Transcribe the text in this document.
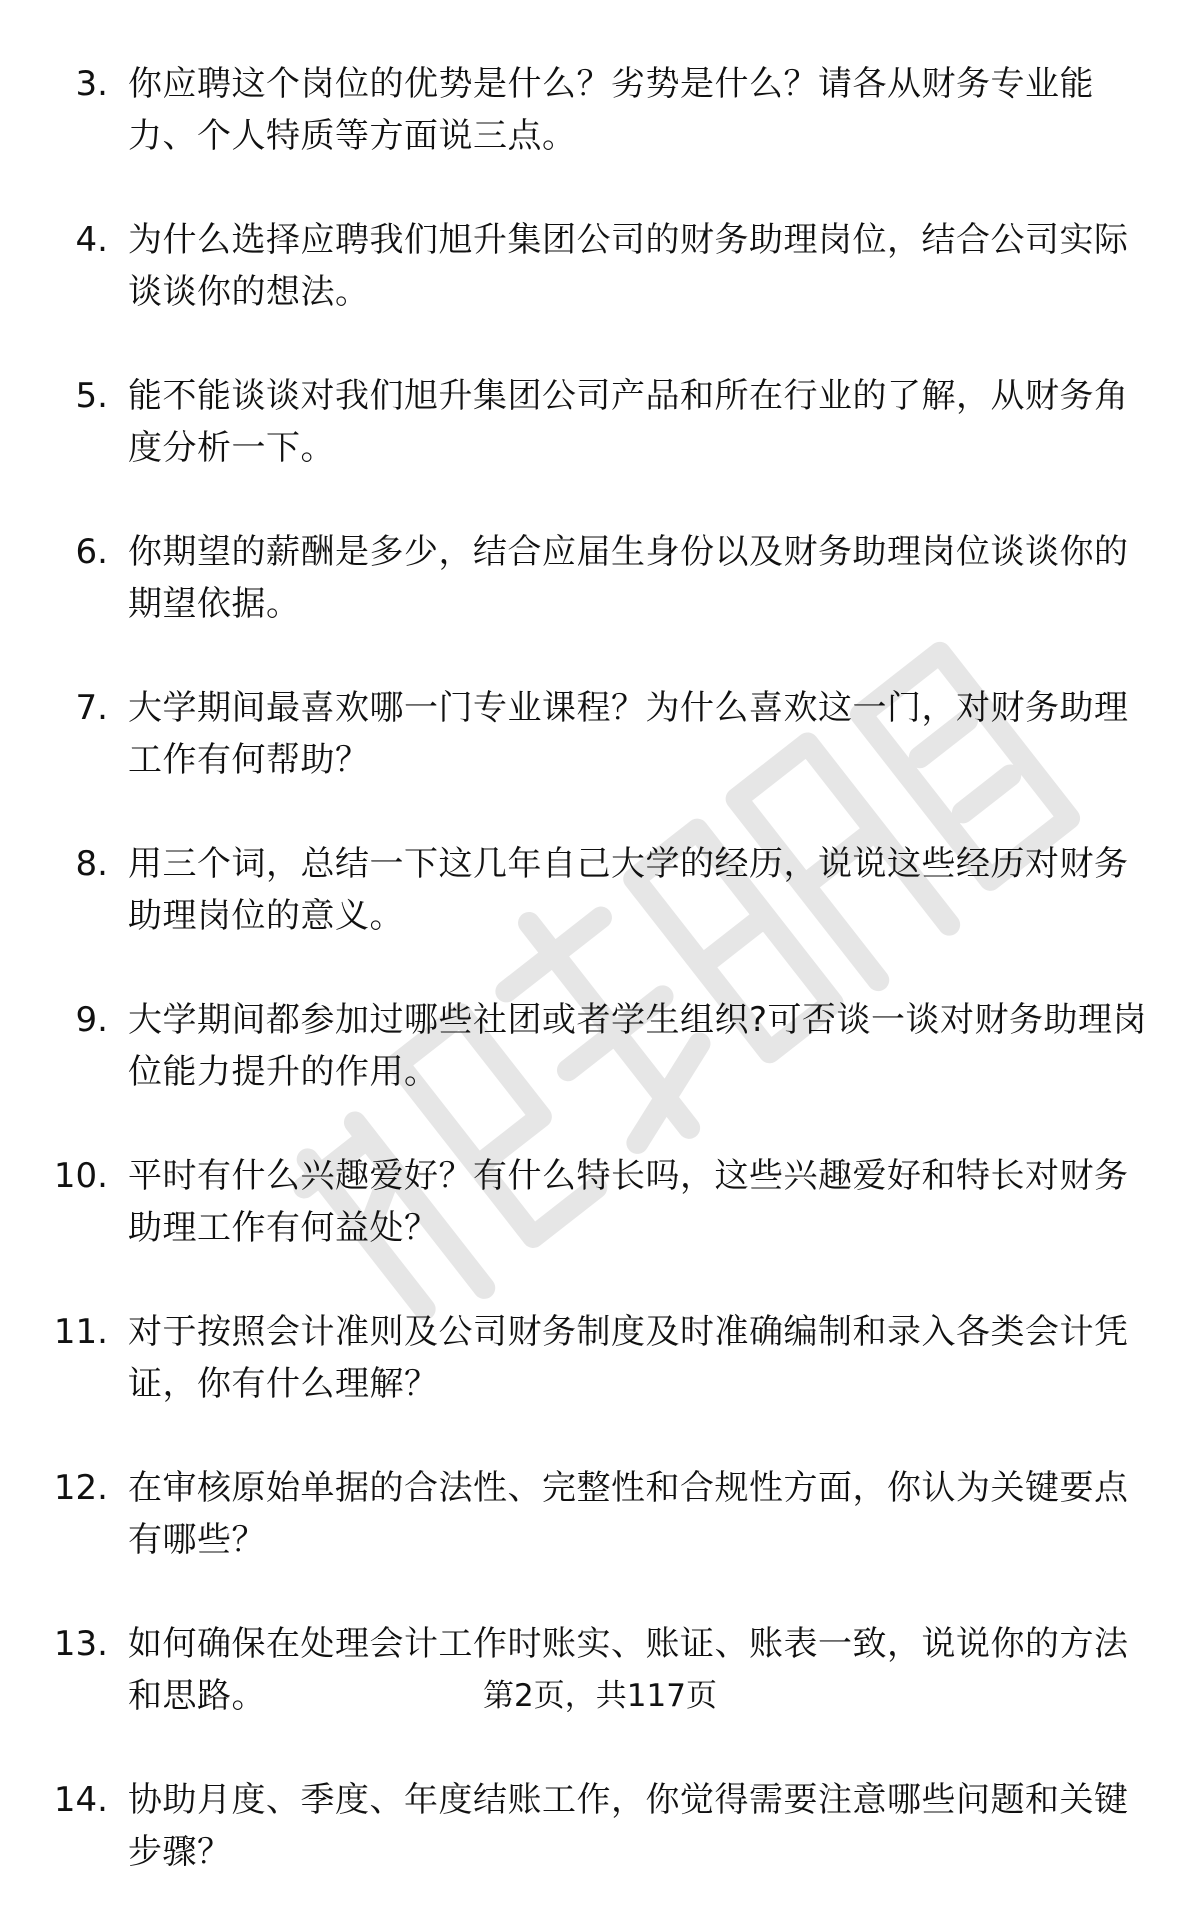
3. 你应聘这个岗位的优势是什么？劣势是什么？请各从财务专业能力、个人特质等方面说三点。
4. 为什么选择应聘我们旭升集团公司的财务助理岗位，结合公司实际谈谈你的想法。
5. 能不能谈谈对我们旭升集团公司产品和所在行业的了解，从财务角度分析一下。
6. 你期望的薪酬是多少，结合应届生身份以及财务助理岗位谈谈你的期望依据。
7. 大学期间最喜欢哪一门专业课程？为什么喜欢这一门，对财务助理工作有何帮助？
8. 用三个词，总结一下这几年自己大学的经历，说说这些经历对财务助理岗位的意义。
9. 大学期间都参加过哪些社团或者学生组织?可否谈一谈对财务助理岗位能力提升的作用。
10. 平时有什么兴趣爱好？有什么特长吗，这些兴趣爱好和特长对财务助理工作有何益处？
11. 对于按照会计准则及公司财务制度及时准确编制和录入各类会计凭证，你有什么理解？
12. 在审核原始单据的合法性、完整性和合规性方面，你认为关键要点有哪些？
13. 如何确保在处理会计工作时账实、账证、账表一致，说说你的方法和思路。
14. 协助月度、季度、年度结账工作，你觉得需要注意哪些问题和关键步骤？
第2页，共117页
